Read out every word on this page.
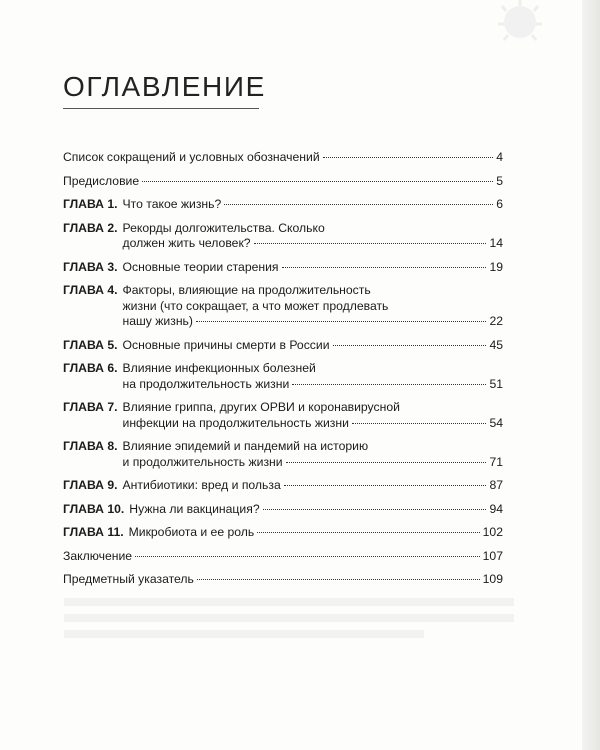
ОГЛАВЛЕНИЕ
Список сокращений и условных обозначений	4
Предисловие	5
ГЛАВА 1. Что такое жизнь?	6
ГЛАВА 2. Рекорды долгожительства. Сколько
должен жить человек?	14
ГЛАВА 3. Основные теории старения	19
ГЛАВА 4. Факторы, влияющие на продолжительность
жизни (что сокращает, а что может продлевать
нашу жизнь)	22
ГЛАВА 5. Основные причины смерти в России	45
ГЛАВА 6. Влияние инфекционных болезней
на продолжительность жизни	51
ГЛАВА 7. Влияние гриппа, других ОРВИ и коронавирусной
инфекции на продолжительность жизни	54
ГЛАВА 8. Влияние эпидемий и пандемий на историю
и продолжительность жизни	71
ГЛАВА 9. Антибиотики: вред и польза	87
ГЛАВА 10. Нужна ли вакцинация?	94
ГЛАВА 11. Микробиота и ее роль	102
Заключение	107
Предметный указатель	109
